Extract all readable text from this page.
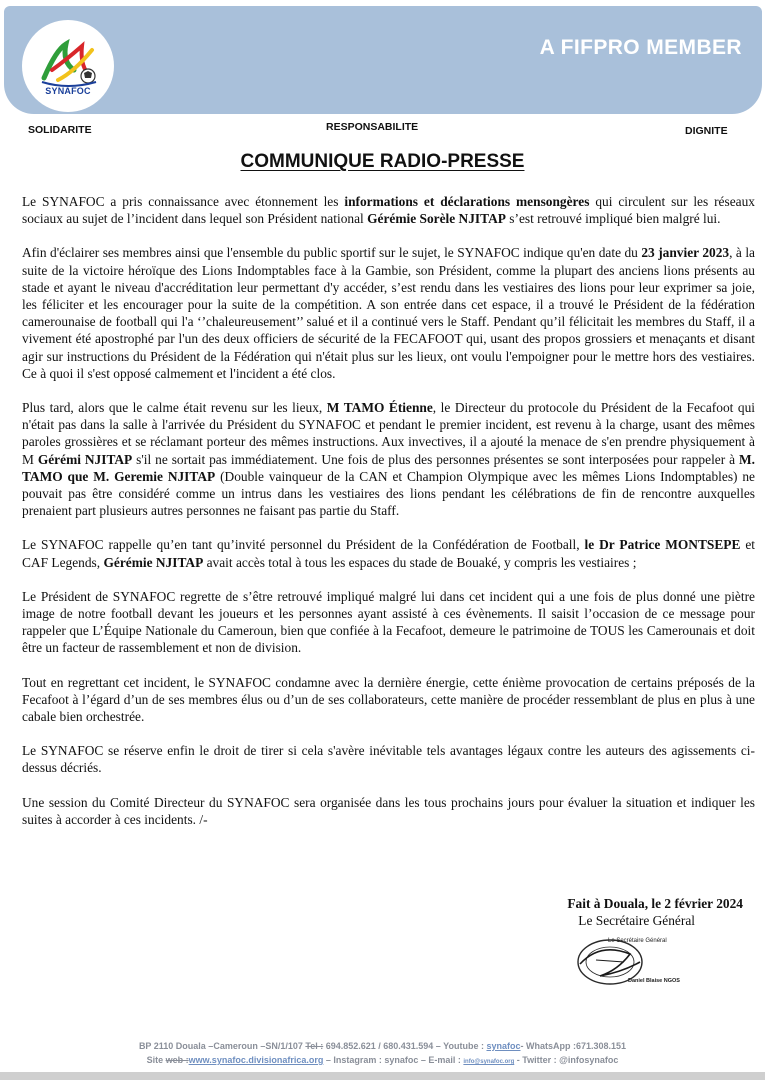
SYNAFOC
A FIFPRO MEMBER
SOLIDARITE	RESPONSABILITE	DIGNITE
COMMUNIQUE RADIO-PRESSE

Le SYNAFOC a pris connaissance avec étonnement les informations et déclarations mensongères qui circulent sur les réseaux sociaux au sujet de l’incident dans lequel son Président national Gérémie Sorèle NJITAP s’est retrouvé impliqué bien malgré lui.

Afin d'éclairer ses membres ainsi que l'ensemble du public sportif sur le sujet, le SYNAFOC indique qu'en date du 23 janvier 2023, à la suite de la victoire héroïque des Lions Indomptables face à la Gambie, son Président, comme la plupart des anciens lions présents au stade et ayant le niveau d'accréditation leur permettant d'y accéder, s’est rendu dans les vestiaires des lions pour leur exprimer sa joie, les féliciter et les encourager pour la suite de la compétition. A son entrée dans cet espace, il a trouvé le Président de la fédération camerounaise de football qui l'a ‘’chaleureusement’’ salué et il a continué vers le Staff. Pendant qu’il félicitait les membres du Staff, il a vivement été apostrophé par l'un des deux officiers de sécurité de la FECAFOOT qui, usant des propos grossiers et menaçants et disant agir sur instructions du Président de la Fédération qui n'était plus sur les lieux, ont voulu l'empoigner pour le mettre hors des vestiaires. Ce à quoi il s'est opposé calmement et l'incident a été clos.

Plus tard, alors que le calme était revenu sur les lieux, M TAMO Étienne, le Directeur du protocole du Président de la Fecafoot qui n'était pas dans la salle à l'arrivée du Président du SYNAFOC et pendant le premier incident, est revenu à la charge, usant des mêmes paroles grossières et se réclamant porteur des mêmes instructions. Aux invectives, il a ajouté la menace de s'en prendre physiquement à M Gérémi NJITAP s'il ne sortait pas immédiatement. Une fois de plus des personnes présentes se sont interposées pour rappeler à M. TAMO que M. Geremie NJITAP (Double vainqueur de la CAN et Champion Olympique avec les mêmes Lions Indomptables) ne pouvait pas être considéré comme un intrus dans les vestiaires des lions pendant les célébrations de fin de rencontre auxquelles prenaient part plusieurs autres personnes ne faisant pas partie du Staff.

Le SYNAFOC rappelle qu’en tant qu’invité personnel du Président de la Confédération de Football, le Dr Patrice MONTSEPE et CAF Legends, Gérémie NJITAP avait accès total à tous les espaces du stade de Bouaké, y compris les vestiaires ;

Le Président de SYNAFOC regrette de s’être retrouvé impliqué malgré lui dans cet incident qui a une fois de plus donné une piètre image de notre football devant les joueurs et les personnes ayant assisté à ces évènements. Il saisit l’occasion de ce message pour rappeler que L’Équipe Nationale du Cameroun, bien que confiée à la Fecafoot, demeure le patrimoine de TOUS les Camerounais et doit être un facteur de rassemblement et non de division.

Tout en regrettant cet incident, le SYNAFOC condamne avec la dernière énergie, cette énième provocation de certains préposés de la Fecafoot à l’égard d’un de ses membres élus ou d’un de ses collaborateurs, cette manière de procéder ressemblant de plus en plus à une cabale bien orchestrée.

Le SYNAFOC se réserve enfin le droit de tirer si cela s'avère inévitable tels avantages légaux contre les auteurs des agissements ci-dessus décriés.

Une session du Comité Directeur du SYNAFOC sera organisée dans les tous prochains jours pour évaluer la situation et indiquer les suites à accorder à ces incidents. /-

Fait à Douala, le 2 février 2024
Le Secrétaire Général
Le Secrétaire Général
Daniel Blaise NGOS
BP 2110 Douala –Cameroun –SN/1/107 Tel : 694.852.621 / 680.431.594 – Youtube : synafoc- WhatsApp :671.308.151
Site web :www.synafoc.divisionafrica.org – Instagram : synafoc – E-mail : info@synafoc.org - Twitter : @infosynafoc
